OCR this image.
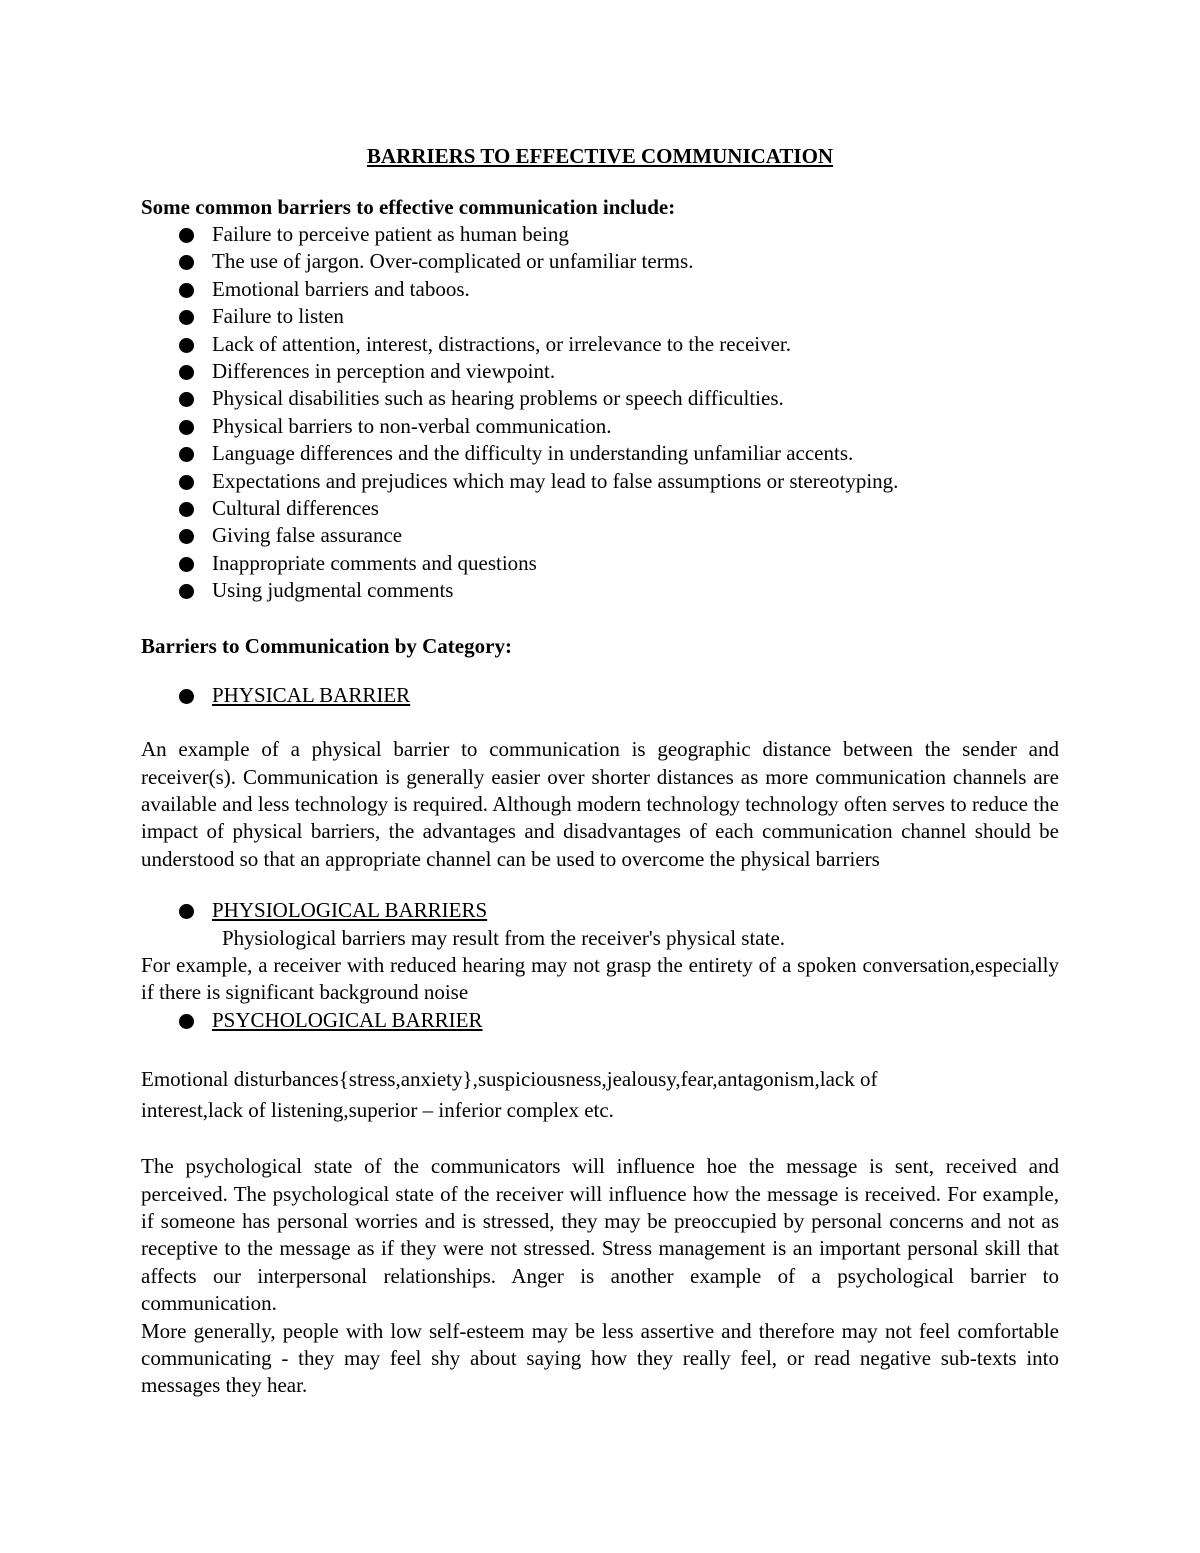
BARRIERS TO EFFECTIVE COMMUNICATION
Some common barriers to effective communication include:
Failure to perceive patient as human being
The use of jargon. Over-complicated or unfamiliar terms.
Emotional barriers and taboos.
Failure to listen
Lack of attention, interest, distractions, or irrelevance to the receiver.
Differences in perception and viewpoint.
Physical disabilities such as hearing problems or speech difficulties.
Physical barriers to non-verbal communication.
Language differences and the difficulty in understanding unfamiliar accents.
Expectations and prejudices which may lead to false assumptions or stereotyping.
Cultural differences
Giving false assurance
Inappropriate comments and questions
Using judgmental comments
Barriers to Communication by Category:
PHYSICAL BARRIER

An example of a physical barrier to communication is geographic distance between the sender and receiver(s). Communication is generally easier over shorter distances as more communication channels are available and less technology is required. Although modern technology technology often serves to reduce the impact of physical barriers, the advantages and disadvantages of each communication channel should be understood so that an appropriate channel can be used to overcome the physical barriers

PHYSIOLOGICAL BARRIERS

Physiological barriers may result from the receiver's physical state.

For example, a receiver with reduced hearing may not grasp the entirety of a spoken conversation,especially if there is significant background noise

PSYCHOLOGICAL BARRIER

Emotional disturbances{stress,anxiety},suspiciousness,jealousy,fear,antagonism,lack of interest,lack of listening,superior – inferior complex etc.

The psychological state of the communicators will influence hoe the message is sent, received and perceived. The psychological state of the receiver will influence how the message is received. For example, if someone has personal worries and is stressed, they may be preoccupied by personal concerns and not as receptive to the message as if they were not stressed. Stress management is an important personal skill that affects our interpersonal relationships. Anger is another example of a psychological barrier to communication.

More generally, people with low self-esteem may be less assertive and therefore may not feel comfortable communicating - they may feel shy about saying how they really feel, or read negative sub-texts into messages they hear.
